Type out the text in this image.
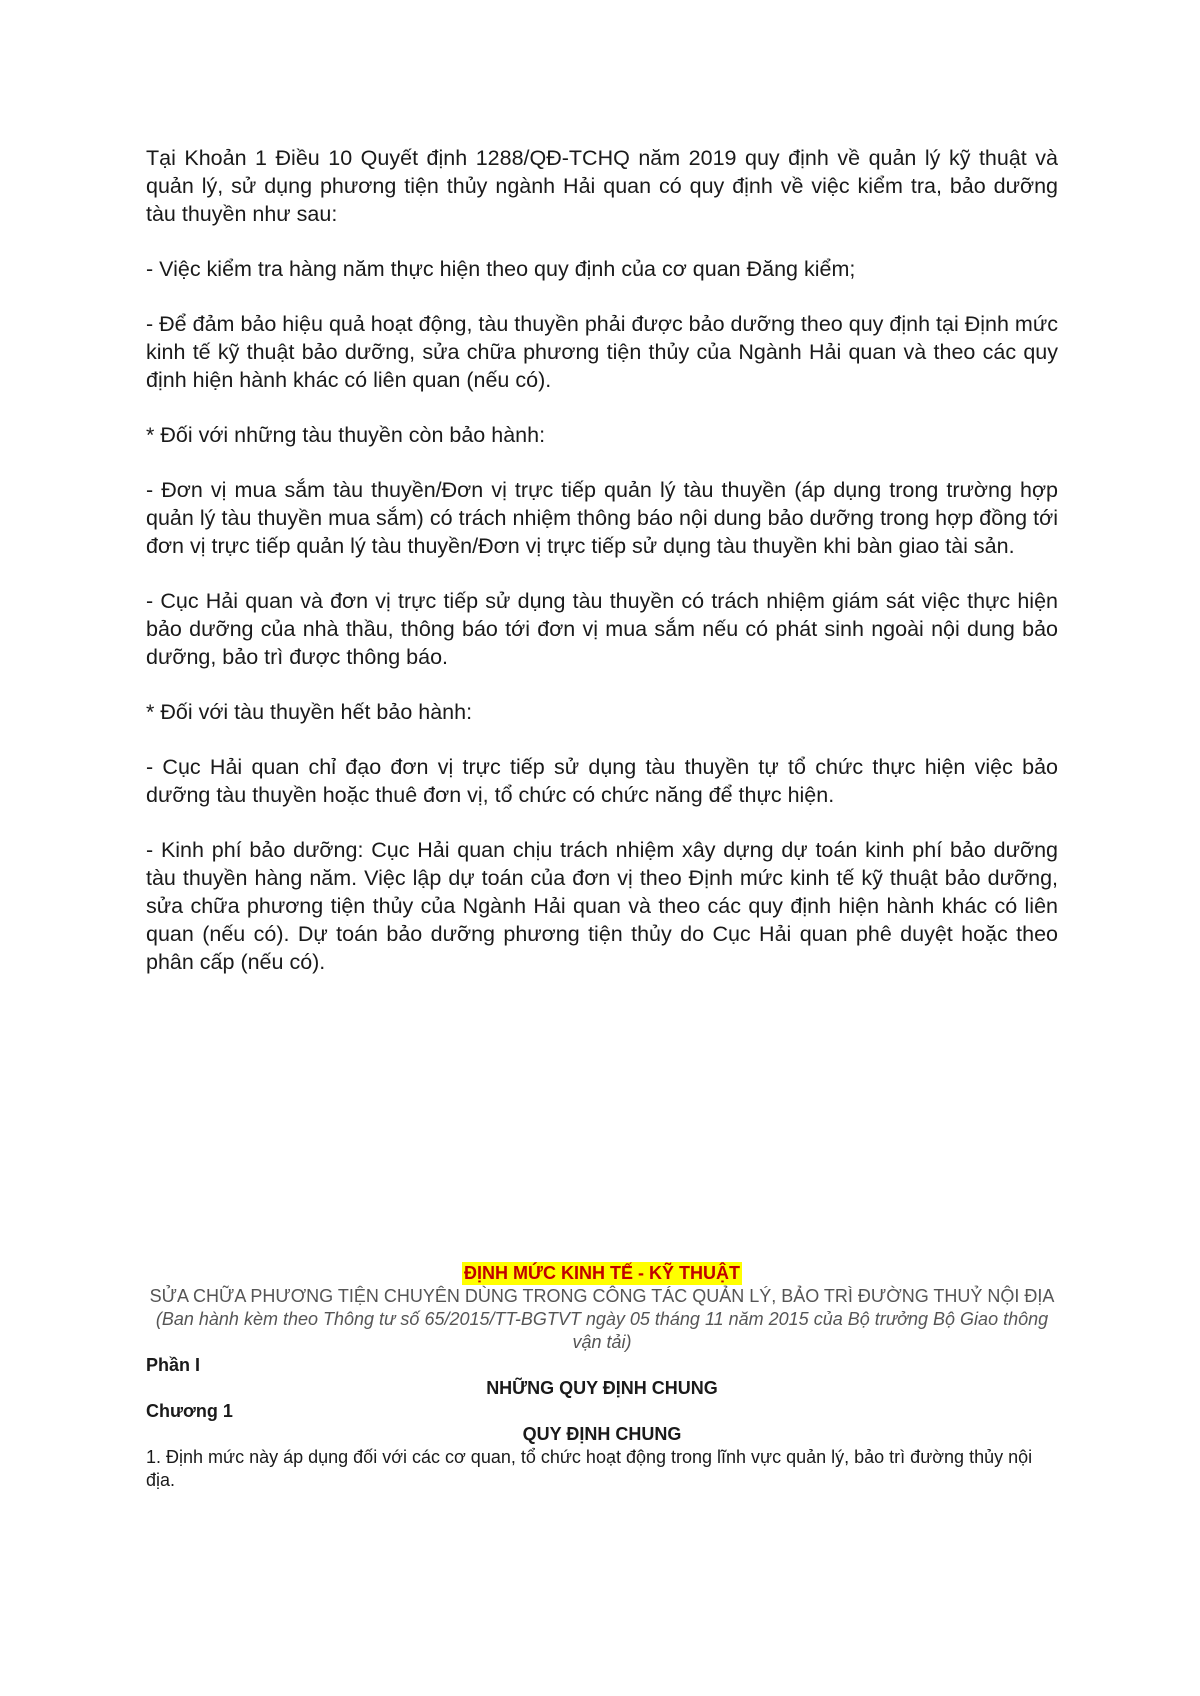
Tại Khoản 1 Điều 10 Quyết định 1288/QĐ-TCHQ năm 2019 quy định về quản lý kỹ thuật và quản lý, sử dụng phương tiện thủy ngành Hải quan có quy định về việc kiểm tra, bảo dưỡng tàu thuyền như sau:

- Việc kiểm tra hàng năm thực hiện theo quy định của cơ quan Đăng kiểm;

- Để đảm bảo hiệu quả hoạt động, tàu thuyền phải được bảo dưỡng theo quy định tại Định mức kinh tế kỹ thuật bảo dưỡng, sửa chữa phương tiện thủy của Ngành Hải quan và theo các quy định hiện hành khác có liên quan (nếu có).

* Đối với những tàu thuyền còn bảo hành:

- Đơn vị mua sắm tàu thuyền/Đơn vị trực tiếp quản lý tàu thuyền (áp dụng trong trường hợp quản lý tàu thuyền mua sắm) có trách nhiệm thông báo nội dung bảo dưỡng trong hợp đồng tới đơn vị trực tiếp quản lý tàu thuyền/Đơn vị trực tiếp sử dụng tàu thuyền khi bàn giao tài sản.

- Cục Hải quan và đơn vị trực tiếp sử dụng tàu thuyền có trách nhiệm giám sát việc thực hiện bảo dưỡng của nhà thầu, thông báo tới đơn vị mua sắm nếu có phát sinh ngoài nội dung bảo dưỡng, bảo trì được thông báo.

* Đối với tàu thuyền hết bảo hành:

- Cục Hải quan chỉ đạo đơn vị trực tiếp sử dụng tàu thuyền tự tổ chức thực hiện việc bảo dưỡng tàu thuyền hoặc thuê đơn vị, tổ chức có chức năng để thực hiện.

- Kinh phí bảo dưỡng: Cục Hải quan chịu trách nhiệm xây dựng dự toán kinh phí bảo dưỡng tàu thuyền hàng năm. Việc lập dự toán của đơn vị theo Định mức kinh tế kỹ thuật bảo dưỡng, sửa chữa phương tiện thủy của Ngành Hải quan và theo các quy định hiện hành khác có liên quan (nếu có). Dự toán bảo dưỡng phương tiện thủy do Cục Hải quan phê duyệt hoặc theo phân cấp (nếu có).

ĐỊNH MỨC KINH TẾ - KỸ THUẬT

SỬA CHỮA PHƯƠNG TIỆN CHUYÊN DÙNG TRONG CÔNG TÁC QUẢN LÝ, BẢO TRÌ ĐƯỜNG THUỶ NỘI ĐỊA

(Ban hành kèm theo Thông tư số 65/2015/TT-BGTVT ngày 05 tháng 11 năm 2015 của Bộ trưởng Bộ Giao thông vận tải)

Phần I

NHỮNG QUY ĐỊNH CHUNG

Chương 1

QUY ĐỊNH CHUNG

1. Định mức này áp dụng đối với các cơ quan, tổ chức hoạt động trong lĩnh vực quản lý, bảo trì đường thủy nội địa.
